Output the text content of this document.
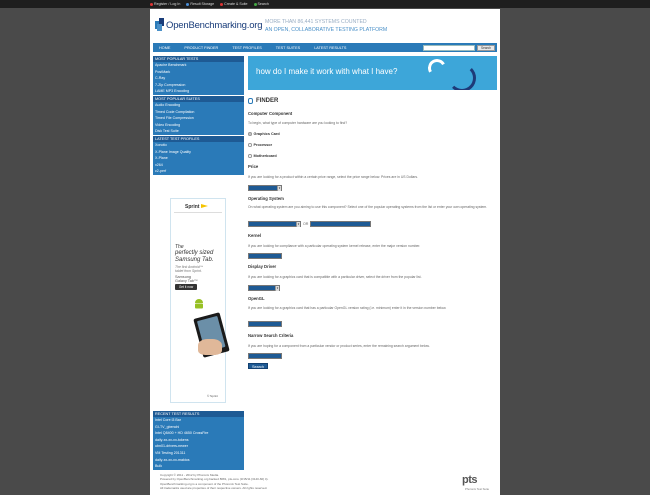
Register / Log In	Result Storage	Create & Suite	Search
OpenBenchmarking.org MORE THAN 86,441 SYSTEMS COUNTED
AN OPEN, COLLABORATIVE TESTING PLATFORM
HOME	PRODUCT FINDER	TEST PROFILES	TEST SUITES	LATEST RESULTS	Search
MOST POPULAR TESTS
Apache Benchmark
PostMark
C-Ray
7-Zip Compression
LAME MP3 Encoding
MOST POPULAR SUITES
Audio Encoding
Timed Code Compilation
Timed File Compression
Video Encoding
Disk Test Suite
LATEST TEST PROFILES
Xonotic
X-Plane Image Quality
X-Plane
x264
c2-perf
Sprint
The
perfectly sized
Samsung Tab.
The first Android™
tablet from Sprint.
Samsung
Galaxy Tab™
Get it now
© Sprint
RECENT TEST RESULTS
Intel Core i3 Bar
GI-TV_gbenchi
Intel Q8400 + HD 4650 CrossFire
daily-xx-xx-xx-tokens
ubn01-drivers-newer
VM Testing 201311
daily-xx-xx-xx-maktos
Bulk
how do I make it work with what I have?
FINDER
Computer Component
To begin, what type of computer hardware are you looking to find?
Graphics Card
Processor
Motherboard
Price
If you are looking for a product within a certain price range, select the price range below. Prices are in US Dollars.
▾
Operating System
On what operating system are you aiming to use this component? Select one of the popular operating systems from the list or enter your own operating system.
▾ OR
Kernel
If you are looking for compliance with a particular operating system kernel release, enter the major version number.
Display Driver
If you are looking for a graphics card that is compatible with a particular driver, select the driver from the popular list.
▾
OpenGL
If you are looking for a graphics card that has a particular OpenGL version rating (i.e. minimum) enter it in the version number below.
Narrow Search Criteria
If you are hoping for a component from a particular vendor or product series, enter the remaining search argument below.
Search

Copyright © 2011 - 2012 by Phoronix Media.

Powered by OpenBenchmarking.org backed 8681, pts-core (3/15/11 [3140-60] 4).

OpenBenchmarking.org is a component of the Phoronix Test Suite.

All trademarks used are properties of their respective owners. All rights reserved.

pts
Phoronix Test Suite
